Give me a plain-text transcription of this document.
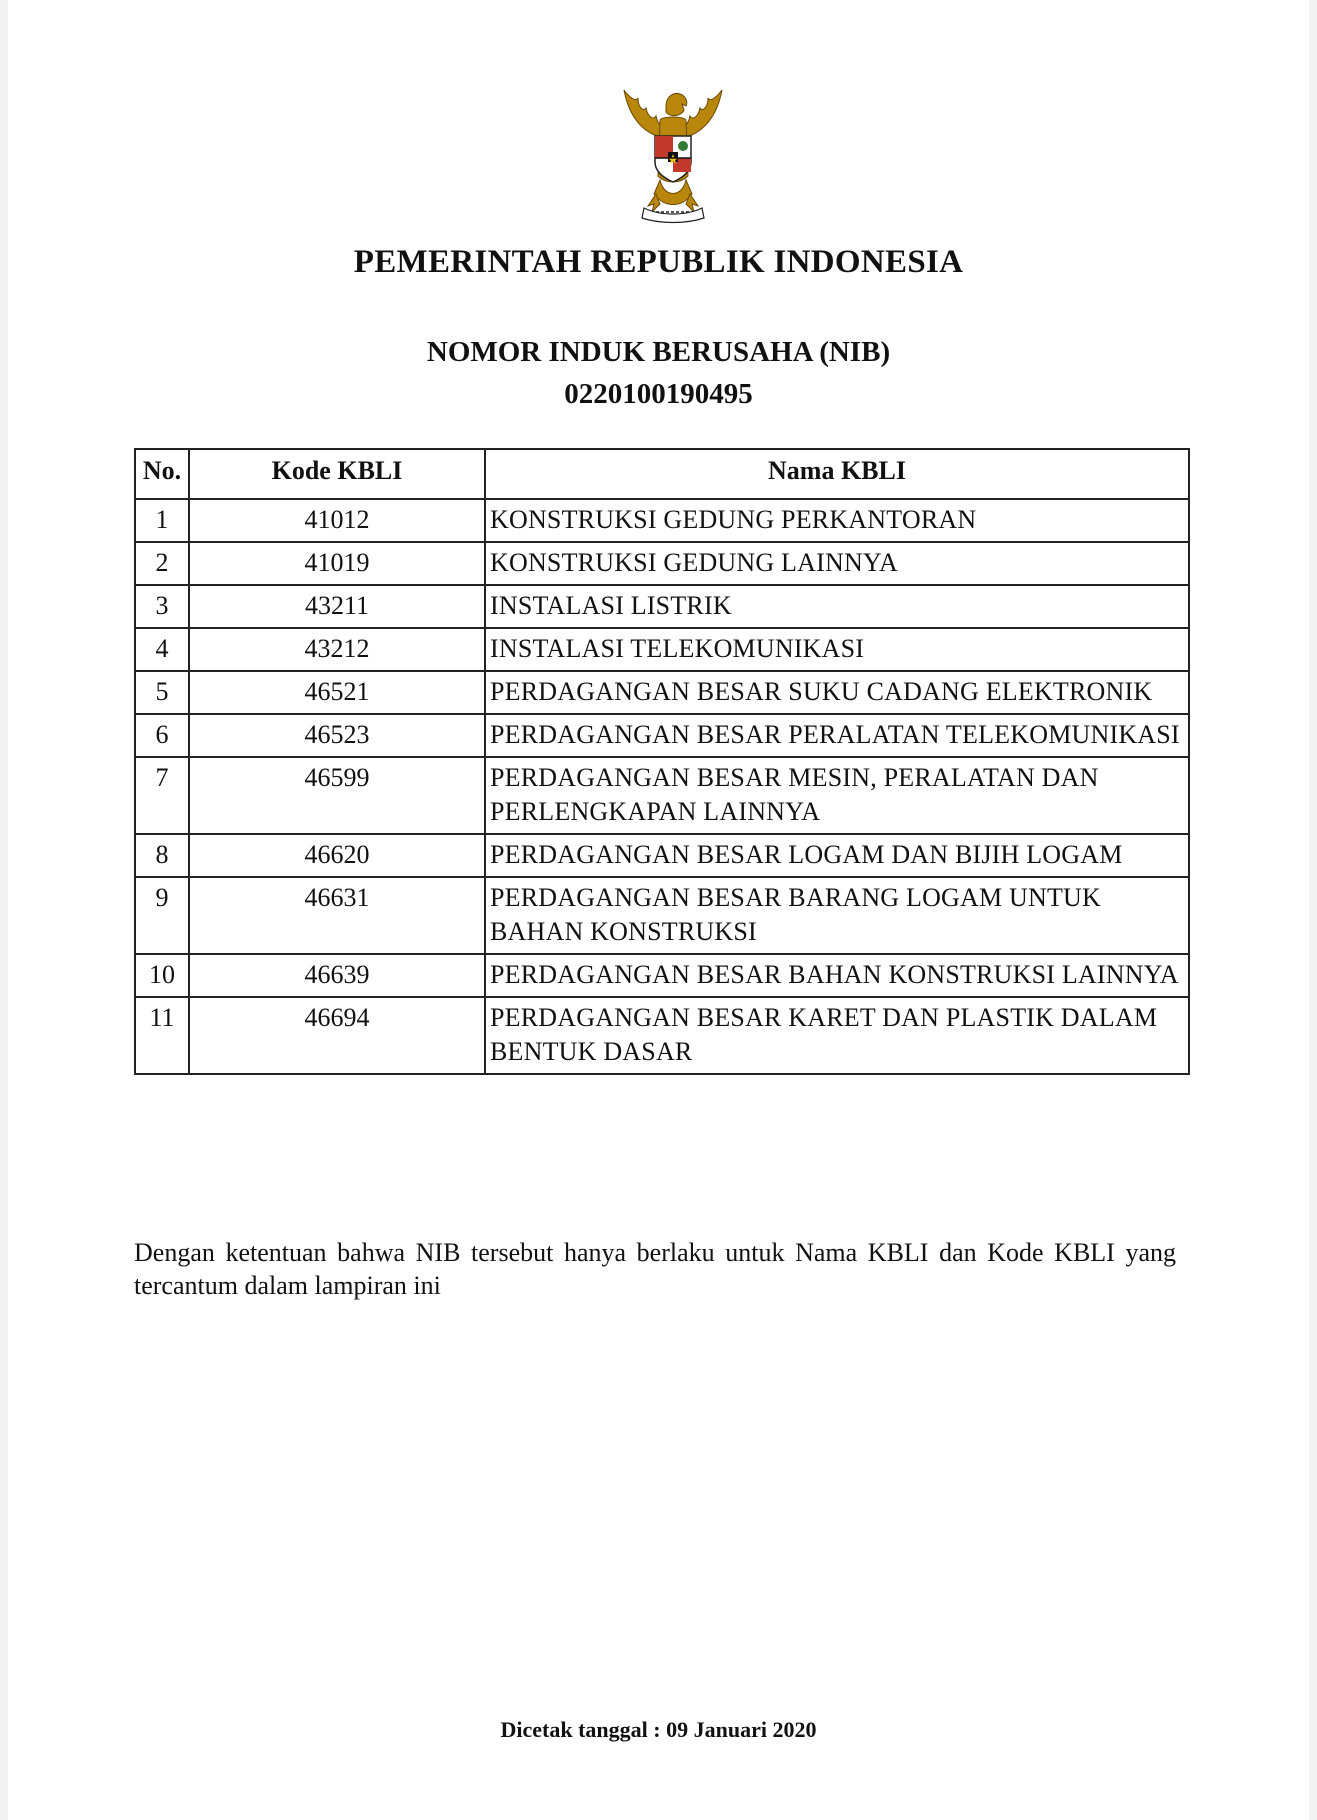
PEMERINTAH REPUBLIK INDONESIA
NOMOR INDUK BERUSAHA (NIB)
0220100190495
No.	Kode KBLI	Nama KBLI
1	41012	KONSTRUKSI GEDUNG PERKANTORAN
2	41019	KONSTRUKSI GEDUNG LAINNYA
3	43211	INSTALASI LISTRIK
4	43212	INSTALASI TELEKOMUNIKASI
5	46521	PERDAGANGAN BESAR SUKU CADANG ELEKTRONIK
6	46523	PERDAGANGAN BESAR PERALATAN TELEKOMUNIKASI
7	46599	PERDAGANGAN BESAR MESIN, PERALATAN DAN PERLENGKAPAN LAINNYA
8	46620	PERDAGANGAN BESAR LOGAM DAN BIJIH LOGAM
9	46631	PERDAGANGAN BESAR BARANG LOGAM UNTUK BAHAN KONSTRUKSI
10	46639	PERDAGANGAN BESAR BAHAN KONSTRUKSI LAINNYA
11	46694	PERDAGANGAN BESAR KARET DAN PLASTIK DALAM BENTUK DASAR

Dengan ketentuan bahwa NIB tersebut hanya berlaku untuk Nama KBLI dan Kode KBLI yang tercantum dalam lampiran ini

Dicetak tanggal : 09 Januari 2020
